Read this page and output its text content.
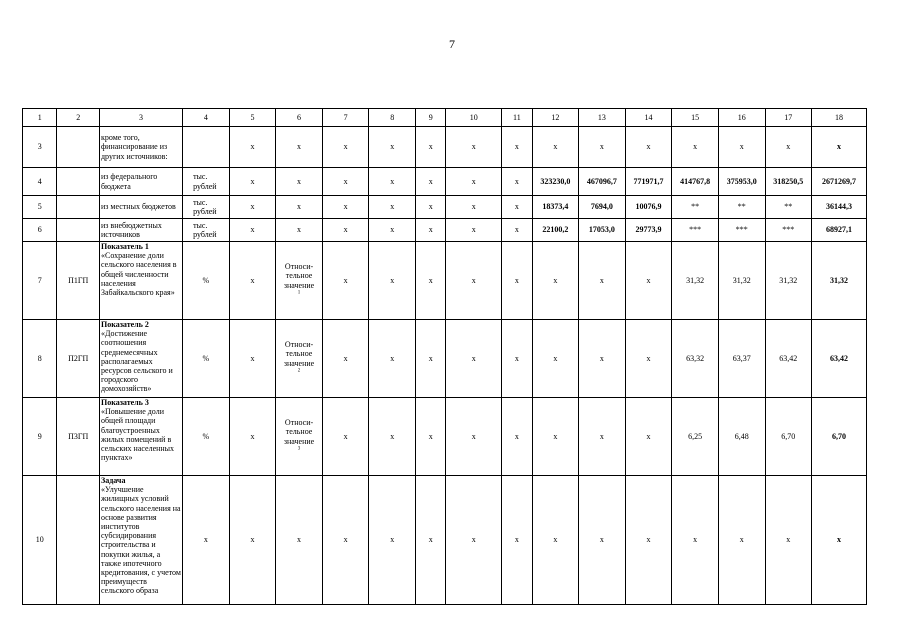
7
1	2	3	4	5	6	7	8	9	10	11	12	13	14	15	16	17	18
3		кроме того, финансирование из других источников:		x	x	x	x	x	x	x	x	x	x	x	x	x	x
4		из федерального бюджета	тыс. рублей	x	x	x	x	x	x	x	323230,0	467096,7	771971,7	414767,8	375953,0	318250,5	2671269,7
5		из местных бюджетов	тыс. рублей	x	x	x	x	x	x	x	18373,4	7694,0	10076,9	**	**	**	36144,3
6		из внебюджетных источников	тыс. рублей	x	x	x	x	x	x	x	22100,2	17053,0	29773,9	***	***	***	68927,1
7	П1ГП	Показатель 1
«Сохранение доли сельского населения в общей численности населения Забайкальского края»	%	x	Относи-тельное значение$^1$	x	x	x	x	x	x	x	x	31,32	31,32	31,32	31,32
8	П2ГП	Показатель 2
«Достижение соотношения среднемесячных располагаемых ресурсов сельского и городского домохозяйств»	%	x	Относи-тельное значение$^2$	x	x	x	x	x	x	x	x	63,32	63,37	63,42	63,42
9	П3ГП	Показатель 3
«Повышение доли общей площади благоустроенных жилых помещений в сельских населенных пунктах»	%	x	Относи-тельное значение$^3$	x	x	x	x	x	x	x	x	6,25	6,48	6,70	6,70
10		Задача
«Улучшение жилищных условий сельского населения на основе развития институтов субсидирования строительства и покупки жилья, а также ипотечного кредитования, с учетом преимуществ сельского образа	x	x	x	x	x	x	x	x	x	x	x	x	x	x	x
